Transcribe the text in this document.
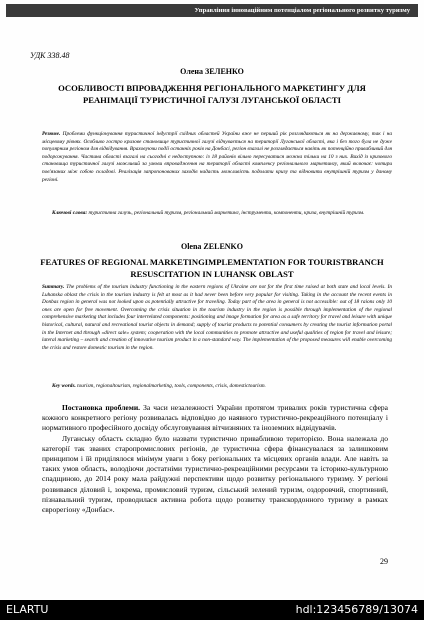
Управління інноваційним потенціалом регіонального розвитку туризму
УДК 338.48
Олена ЗЕЛЕНКО
ОСОБЛИВОСТІ ВПРОВАДЖЕННЯ РЕГІОНАЛЬНОГО МАРКЕТИНГУ ДЛЯ РЕАНІМАЦІЇ ТУРИСТИЧНОЇ ГАЛУЗІ ЛУГАНСЬКОЇ ОБЛАСТІ
Резюме. Проблеми функціонування туристичної індустрії східних областей України вже не перший рік розглядаються як на державному, так і на місцевому рівнях. Особливо гостро кризове становище туристичної галузі відчувається на території Луганської області, яка і без того була не дуже популярним регіоном для відвідування. Враховуючи події останніх років на Донбасі, регіон взагалі не розглядається навіть як потенційно привабливий для подорожування. Частина області взагалі на сьогодні є недоступною: із 18 районів вільно пересуватися можна тільки на 10 з них. Вихід із кризового становища туристичної галузі можливий за умови впровадження на території області комплексу регіонального маркетингу, який включає: чотири пов'язаних між собою складові. Реалізація запропонованих заходів надасть можливість подолати кризу та відновити внутрішній туризм у даному регіоні.
Ключові слова: туристична галузь, регіональний туризм, регіональний маркетинг, інструменти, компоненти, криза, внутрішній туризм.
Olena ZELENKO
FEATURES OF REGIONAL MARKETINGIMPLEMENTATION FOR TOURISTBRANCH RESUSCITATION IN LUHANSK OBLAST
Summary. The problems of the tourism industry functioning in the eastern regions of Ukraine are not for the first time raised at both state and local levels. In Luhanska oblast the crisis in the tourism industry is felt at most as it had never been before very popular for visiting. Taking in the account the recent events in Donbas region in general was not looked upon as potentially attractive for traveling. Today part of the area in general is not accessible: out of 18 raions only 10 ones are open for free movement. Overcoming the crisis situation in the tourism industry in the region is possible through implementation of the regional comprehensive marketing that includes four interrelated components: positioning and image formation for area as a safe territory for travel and leisure with unique historical, cultural, natural and recreational tourist objects in demand; supply of tourist products to potential consumers by creating the tourist information portal in the Internet and through «direct sale» system; cooperation with the local communities to promote attractive and useful qualities of region for travel and leisure; lateral marketing – search and creation of innovative tourism product in a non-standard way. The implementation of the proposed measures will enable overcoming the crisis and restore domestic tourism in the region.
Key words. tourism, regionaltourism, regionalmarketing, tools, components, crisis, domestictourism.

Постановка проблеми. За часи незалежності України протягом тривалих років туристична сфера кожного конкретного регіону розвивалась відповідно до наявного туристично-рекреаційного потенціалу і нормативного професійного досвіду обслуговування вітчизняних та іноземних відвідувачів.

Луганську область складно було назвати туристично привабливою територією. Вона належала до категорії так званих старопромислових регіонів, де туристична сфера фінансувалася за залишковим принципом і їй приділялося мінімум уваги з боку регіональних та місцевих органів влади. Але навіть за таких умов область, володіючи достатніми туристично-рекреаційними ресурсами та історико-культурною спадщиною, до 2014 року мала райдужні перспективи щодо розвитку регіонального туризму. У регіоні розвивався діловий і, зокрема, промисловий туризм, сільський зелений туризм, оздоровчий, спортивний, пізнавальний туризм, проводилася активна робота щодо розвитку транскордонного туризму в рамках єврорегіону «Донбас».

29
ELARTU	hdl:123456789/13074
